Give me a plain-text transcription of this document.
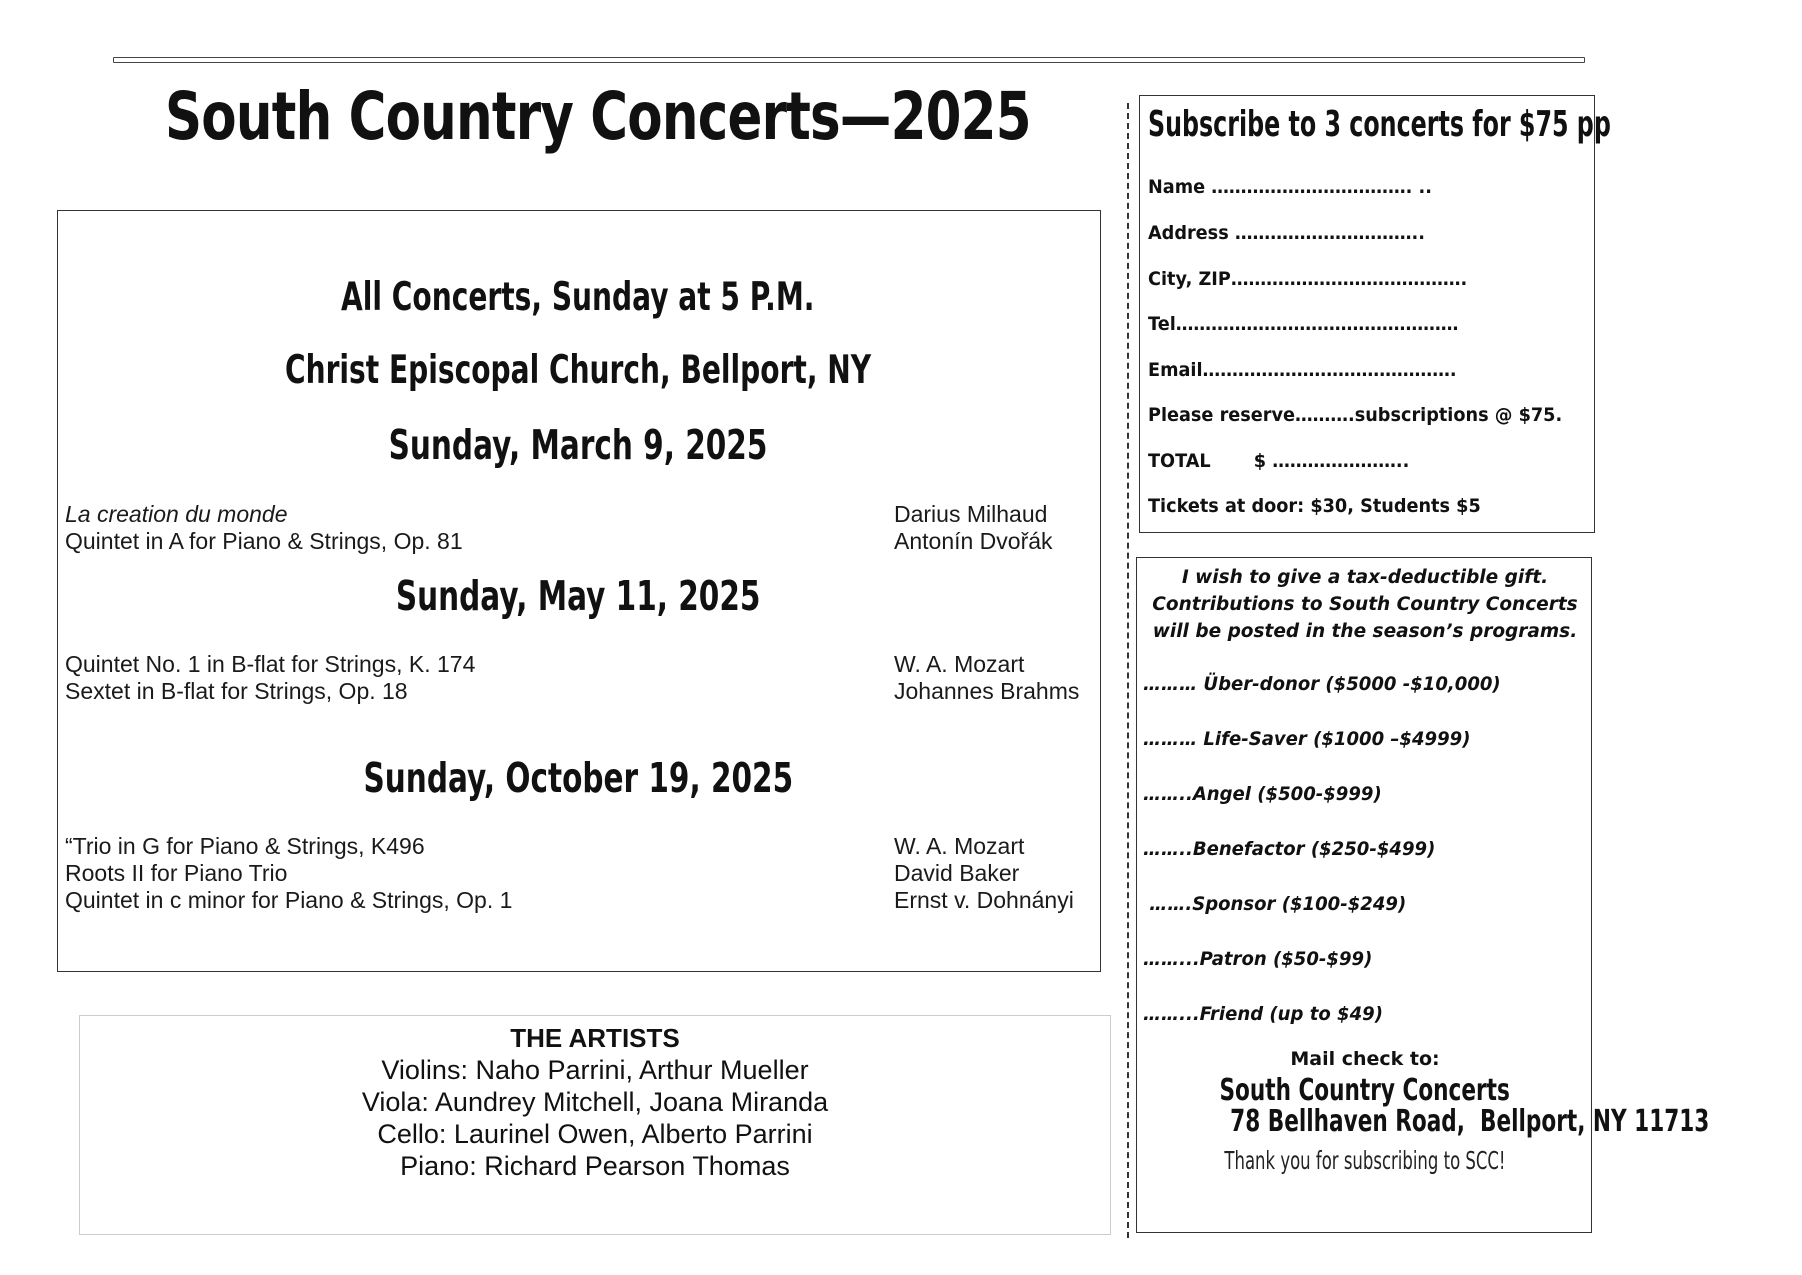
South Country Concerts—2025
All Concerts, Sunday at 5 P.M.
Christ Episcopal Church, Bellport, NY
Sunday, March 9, 2025
La creation du monde	Darius Milhaud
Quintet in A for Piano & Strings, Op. 81	Antonín Dvořák
Sunday, May 11, 2025
Quintet No. 1 in B-flat for Strings, K. 174	W. A. Mozart
Sextet in B-flat for Strings, Op. 18	Johannes Brahms
Sunday, October 19, 2025
“Trio in G for Piano & Strings, K496	W. A. Mozart
Roots II for Piano Trio	David Baker
Quintet in c minor for Piano & Strings, Op. 1	Ernst v. Dohnányi
THE ARTISTS
Violins: Naho Parrini, Arthur Mueller
Viola: Aundrey Mitchell, Joana Miranda
Cello: Laurinel Owen, Alberto Parrini
Piano: Richard Pearson Thomas
Subscribe to 3 concerts for $75 pp
Name ……………………………. ..
Address …………………………..
City, ZIP………………………………….
Tel…………………………………………
Email…………………………………….
Please reserve……….subscriptions @ $75.
TOTAL       $ …………………..
Tickets at door: $30, Students $5
I wish to give a tax-deductible gift.
Contributions to South Country Concerts
will be posted in the season’s programs.
……… Über-donor ($5000 -$10,000)
……… Life-Saver ($1000 –$4999)
……..Angel ($500-$999)
……..Benefactor ($250-$499)
…….Sponsor ($100-$249)
……...Patron ($50-$99)
……...Friend (up to $49)
Mail check to:
South Country Concerts
78 Bellhaven Road,  Bellport, NY 11713
Thank you for subscribing to SCC!
